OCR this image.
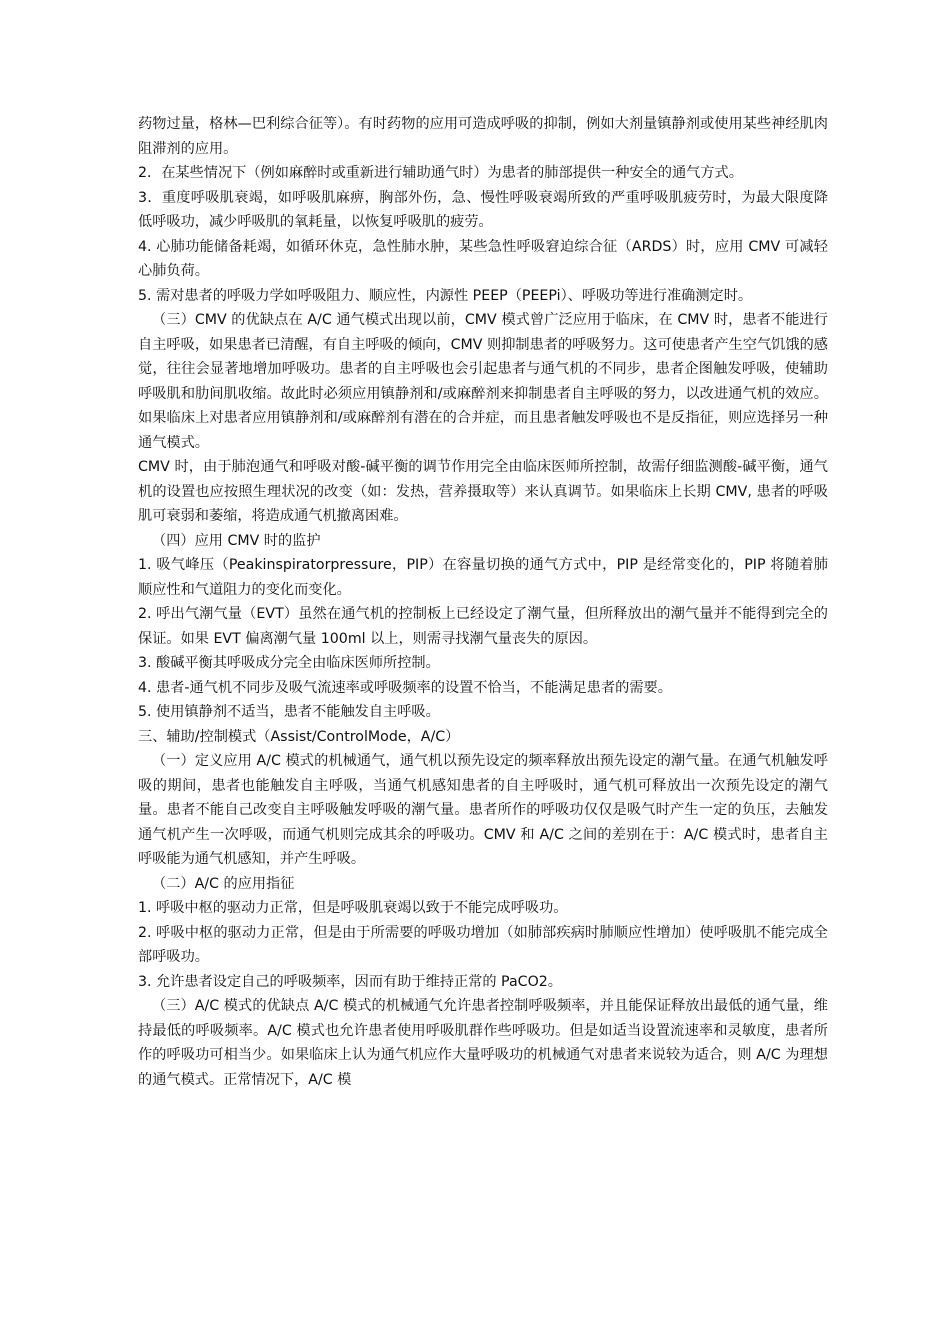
药物过量，格林—巴利综合征等）。有时药物的应用可造成呼吸的抑制，例如大剂量镇静剂或使用某些神经肌肉阻滞剂的应用。

2．在某些情况下（例如麻醉时或重新进行辅助通气时）为患者的肺部提供一种安全的通气方式。

3．重度呼吸肌衰竭，如呼吸肌麻痹，胸部外伤，急、慢性呼吸衰竭所致的严重呼吸肌疲劳时，为最大限度降低呼吸功，减少呼吸肌的氧耗量，以恢复呼吸肌的疲劳。

4. 心肺功能储备耗竭，如循环休克，急性肺水肿，某些急性呼吸窘迫综合征（ARDS）时，应用 CMV 可减轻心肺负荷。

5. 需对患者的呼吸力学如呼吸阻力、顺应性，内源性 PEEP（PEEPi）、呼吸功等进行准确测定时。

（三）CMV 的优缺点在 A/C 通气模式出现以前，CMV 模式曾广泛应用于临床，在 CMV 时，患者不能进行自主呼吸，如果患者已清醒，有自主呼吸的倾向，CMV 则抑制患者的呼吸努力。这可使患者产生空气饥饿的感觉，往往会显著地增加呼吸功。患者的自主呼吸也会引起患者与通气机的不同步，患者企图触发呼吸，使辅助呼吸肌和肋间肌收缩。故此时必须应用镇静剂和/或麻醉剂来抑制患者自主呼吸的努力，以改进通气机的效应。如果临床上对患者应用镇静剂和/或麻醉剂有潜在的合并症，而且患者触发呼吸也不是反指征，则应选择另一种通气模式。

CMV 时，由于肺泡通气和呼吸对酸-碱平衡的调节作用完全由临床医师所控制，故需仔细监测酸-碱平衡，通气机的设置也应按照生理状况的改变（如：发热，营养摄取等）来认真调节。如果临床上长期 CMV, 患者的呼吸肌可衰弱和萎缩，将造成通气机撤离困难。

（四）应用 CMV 时的监护

1. 吸气峰压（Peakinspiratorpressure，PIP）在容量切换的通气方式中，PIP 是经常变化的，PIP 将随着肺顺应性和气道阻力的变化而变化。

2. 呼出气潮气量（EVT）虽然在通气机的控制板上已经设定了潮气量，但所释放出的潮气量并不能得到完全的保证。如果 EVT 偏离潮气量 100ml 以上，则需寻找潮气量丧失的原因。

3. 酸碱平衡其呼吸成分完全由临床医师所控制。

4. 患者-通气机不同步及吸气流速率或呼吸频率的设置不恰当，不能满足患者的需要。

5. 使用镇静剂不适当，患者不能触发自主呼吸。

三、辅助/控制模式（Assist/ControlMode，A/C）

（一）定义应用 A/C 模式的机械通气，通气机以预先设定的频率释放出预先设定的潮气量。在通气机触发呼吸的期间，患者也能触发自主呼吸，当通气机感知患者的自主呼吸时，通气机可释放出一次预先设定的潮气量。患者不能自己改变自主呼吸触发呼吸的潮气量。患者所作的呼吸功仅仅是吸气时产生一定的负压，去触发通气机产生一次呼吸，而通气机则完成其余的呼吸功。CMV 和 A/C 之间的差别在于：A/C 模式时，患者自主呼吸能为通气机感知，并产生呼吸。

（二）A/C 的应用指征

1. 呼吸中枢的驱动力正常，但是呼吸肌衰竭以致于不能完成呼吸功。

2. 呼吸中枢的驱动力正常，但是由于所需要的呼吸功增加（如肺部疾病时肺顺应性增加）使呼吸肌不能完成全部呼吸功。

3. 允许患者设定自己的呼吸频率，因而有助于维持正常的 PaCO2。

（三）A/C 模式的优缺点 A/C 模式的机械通气允许患者控制呼吸频率，并且能保证释放出最低的通气量，维持最低的呼吸频率。A/C 模式也允许患者使用呼吸肌群作些呼吸功。但是如适当设置流速率和灵敏度，患者所作的呼吸功可相当少。如果临床上认为通气机应作大量呼吸功的机械通气对患者来说较为适合，则 A/C 为理想的通气模式。正常情况下，A/C 模
